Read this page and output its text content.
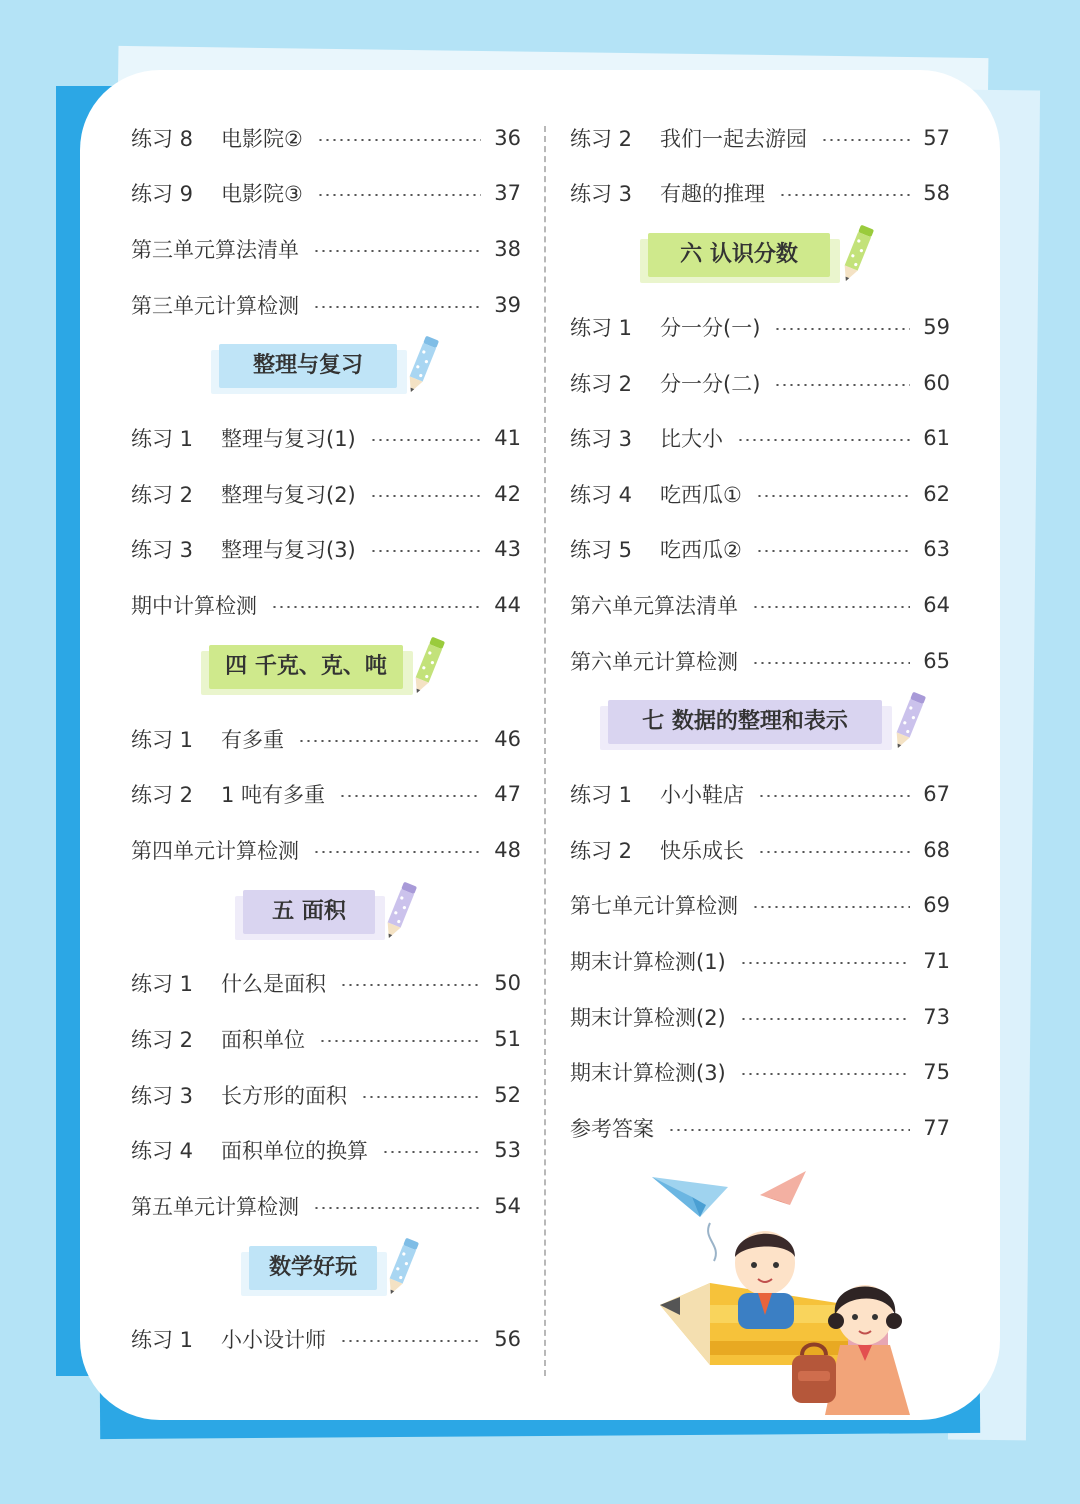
练习 8	电影院②	36
练习 9	电影院③	37
第三单元算法清单	38
第三单元计算检测	39
整理与复习
练习 1	整理与复习(1)	41
练习 2	整理与复习(2)	42
练习 3	整理与复习(3)	43
期中计算检测	44
四 千克、克、吨
练习 1	有多重	46
练习 2	1 吨有多重	47
第四单元计算检测	48
五 面积
练习 1	什么是面积	50
练习 2	面积单位	51
练习 3	长方形的面积	52
练习 4	面积单位的换算	53
第五单元计算检测	54
数学好玩
练习 1	小小设计师	56
练习 2	我们一起去游园	57
练习 3	有趣的推理	58
六 认识分数
练习 1	分一分(一)	59
练习 2	分一分(二)	60
练习 3	比大小	61
练习 4	吃西瓜①	62
练习 5	吃西瓜②	63
第六单元算法清单	64
第六单元计算检测	65
七 数据的整理和表示
练习 1	小小鞋店	67
练习 2	快乐成长	68
第七单元计算检测	69
期末计算检测(1)	71
期末计算检测(2)	73
期末计算检测(3)	75
参考答案	77
